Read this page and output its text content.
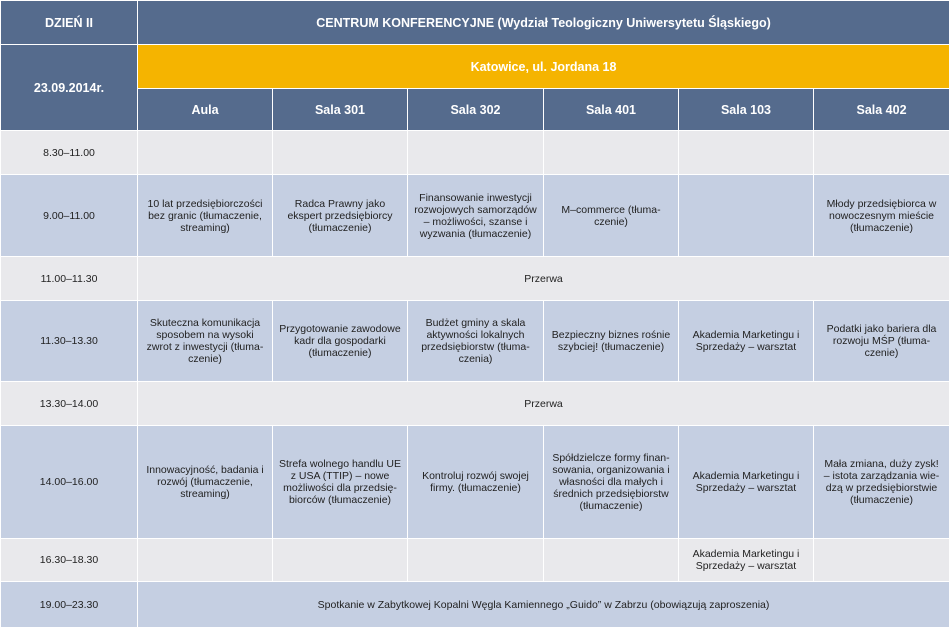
DZIEŃ II	CENTRUM KONFERENCYJNE (Wydział Teologiczny Uniwersytetu Śląskiego)					
23.09.2014r.	Katowice, ul. Jordana 18					
	Aula	Sala 301	Sala 302	Sala 401	Sala 103	Sala 402
8.30–11.00						
9.00–11.00	10 lat przedsiębiorczości bez granic (tłumaczenie, streaming)	Radca Prawny jako ekspert przedsiębiorcy (tłumaczenie)	Finansowanie inwestycji rozwojowych samorządów – możliwości, szanse i wyzwania (tłumaczenie)	M–commerce (tłuma-czenie)		Młody przedsiębiorca w nowoczesnym mieście (tłumaczenie)
11.00–11.30	Przerwa					
11.30–13.30	Skuteczna komunikacja sposobem na wysoki zwrot z inwestycji (tłuma-czenie)	Przygotowanie zawodowe kadr dla gospodarki (tłumaczenie)	Budżet gminy a skala aktywności lokalnych przedsiębiorstw (tłuma-czenia)	Bezpieczny biznes rośnie szybciej! (tłumaczenie)	Akademia Marketingu i Sprzedaży – warsztat	Podatki jako bariera dla rozwoju MŚP (tłuma-czenie)
13.30–14.00	Przerwa					
14.00–16.00	Innowacyjność, badania i rozwój (tłumaczenie, streaming)	Strefa wolnego handlu UE z USA (TTIP) – nowe możliwości dla przedsię-biorców (tłumaczenie)	Kontroluj rozwój swojej firmy. (tłumaczenie)	Spółdzielcze formy finan-sowania, organizowania i własności dla małych i średnich przedsiębiorstw (tłumaczenie)	Akademia Marketingu i Sprzedaży – warsztat	Mała zmiana, duży zysk! – istota zarządzania wie-dzą w przedsiębiorstwie (tłumaczenie)
16.30–18.30					Akademia Marketingu i Sprzedaży – warsztat	
19.00–23.30	Spotkanie w Zabytkowej Kopalni Węgla Kamiennego „Guido” w Zabrzu (obowiązują zaproszenia)					
